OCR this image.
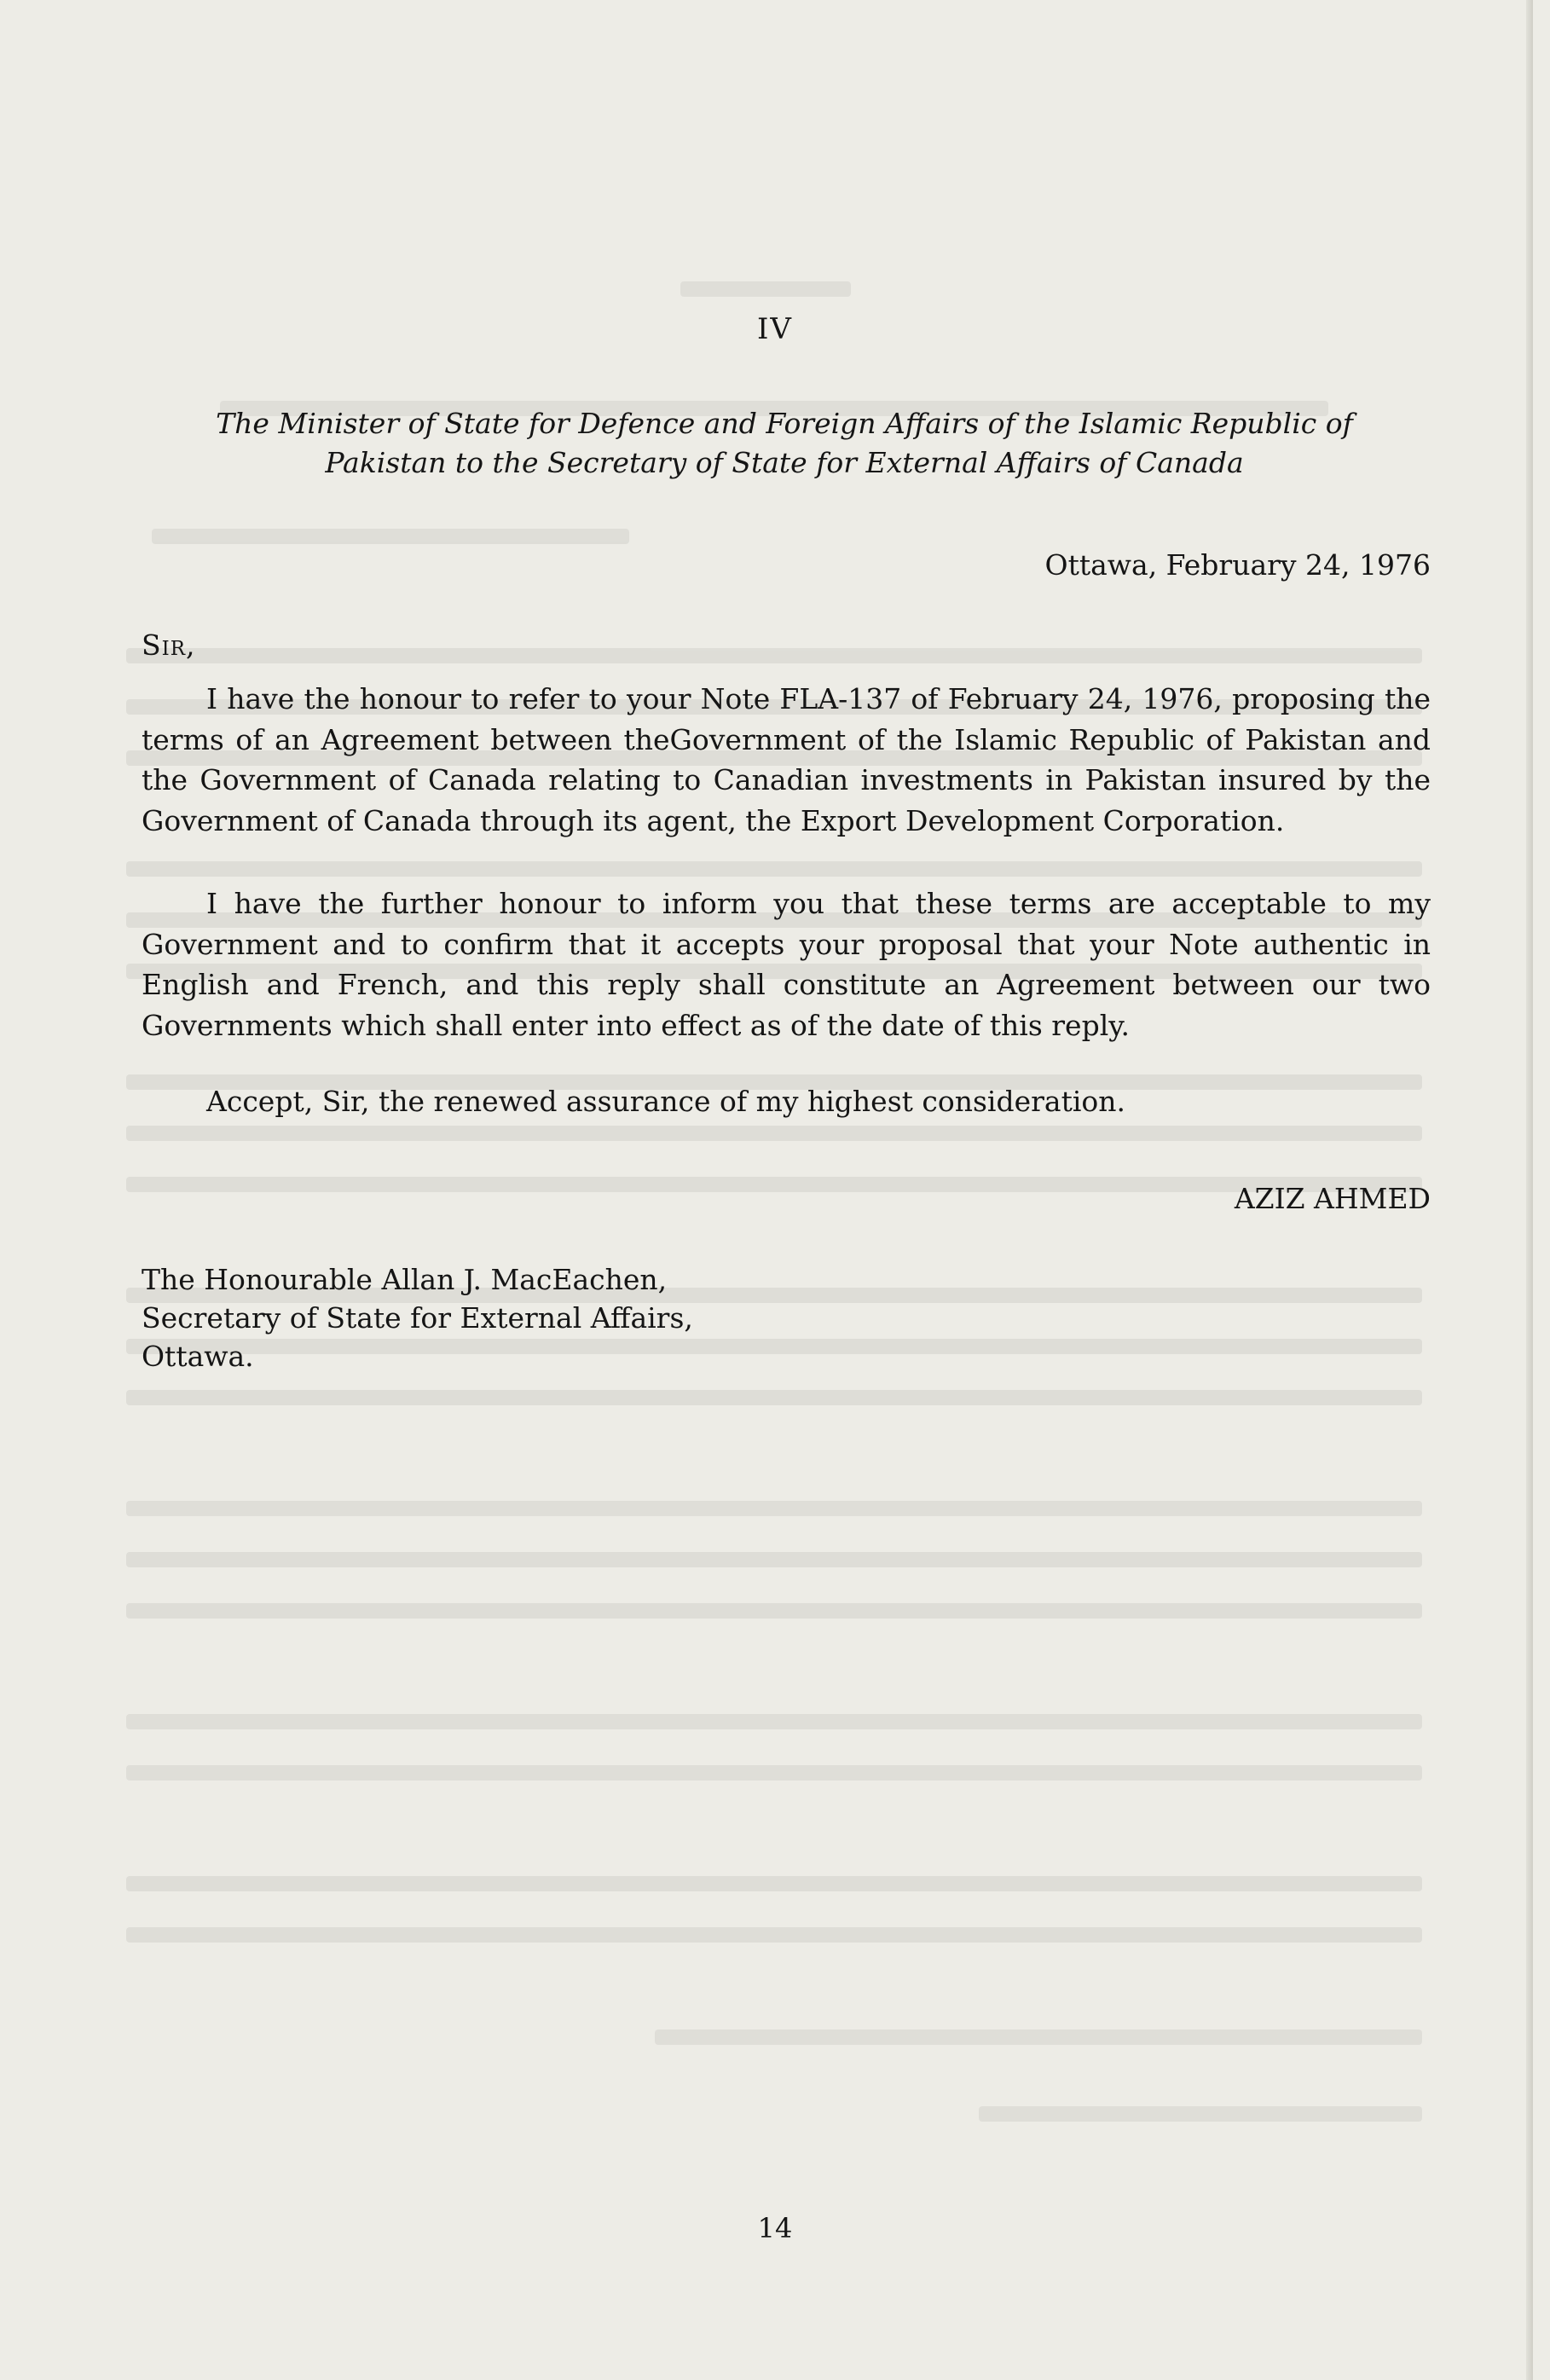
IV
The Minister of State for Defence and Foreign Affairs of the Islamic Republic of Pakistan to the Secretary of State for External Affairs of Canada
Ottawa, February 24, 1976
Sir,
I have the honour to refer to your Note FLA-137 of February 24, 1976, proposing the terms of an Agreement between theGovernment of the Islamic Republic of Pakistan and the Government of Canada relating to Canadian investments in Pakistan insured by the Government of Canada through its agent, the Export Development Corporation.
I have the further honour to inform you that these terms are acceptable to my Government and to confirm that it accepts your proposal that your Note authentic in English and French, and this reply shall constitute an Agreement between our two Governments which shall enter into effect as of the date of this reply.
Accept, Sir, the renewed assurance of my highest consideration.
AZIZ AHMED
The Honourable Allan J. MacEachen,
Secretary of State for External Affairs,
Ottawa.
14
